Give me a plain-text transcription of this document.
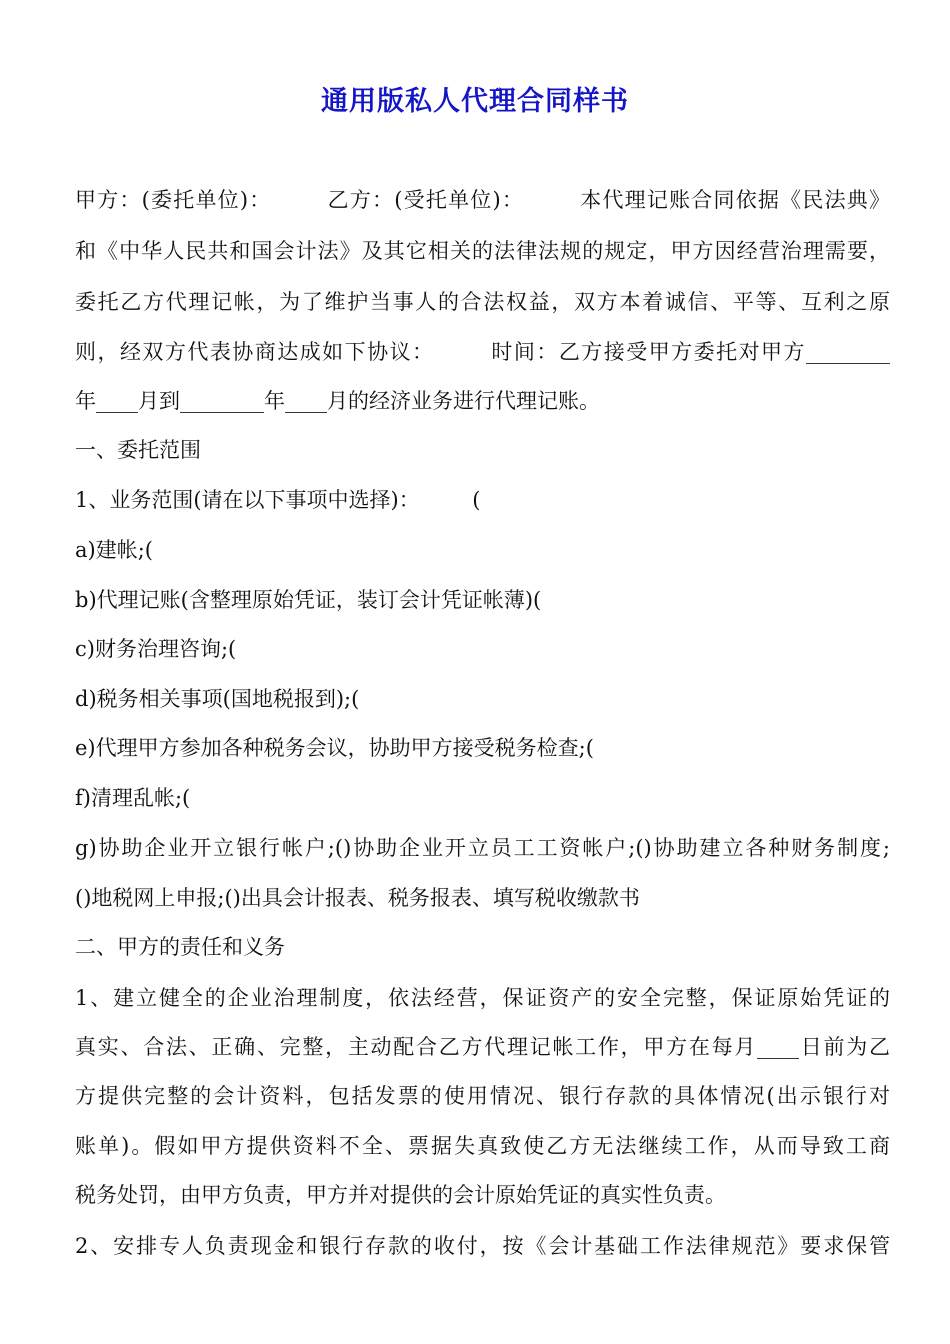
通用版私人代理合同样书
甲方：(委托单位)：　　　乙方：(受托单位)：　　　本代理记账合同依据《民法典》
和《中华人民共和国会计法》及其它相关的法律法规的规定，甲方因经营治理需要，
委托乙方代理记帐，为了维护当事人的合法权益，双方本着诚信、平等、互利之原
则，经双方代表协商达成如下协议：　　　时间：乙方接受甲方委托对甲方________
年____月到________年____月的经济业务进行代理记账。
一、委托范围
1、业务范围(请在以下事项中选择)：　　　(
a)建帐;(
b)代理记账(含整理原始凭证，装订会计凭证帐薄)(
c)财务治理咨询;(
d)税务相关事项(国地税报到);(
e)代理甲方参加各种税务会议，协助甲方接受税务检查;(
f)清理乱帐;(
g)协助企业开立银行帐户;()协助企业开立员工工资帐户;()协助建立各种财务制度;
()地税网上申报;()出具会计报表、税务报表、填写税收缴款书
二、甲方的责任和义务
1、建立健全的企业治理制度，依法经营，保证资产的安全完整，保证原始凭证的
真实、合法、正确、完整，主动配合乙方代理记帐工作，甲方在每月____日前为乙
方提供完整的会计资料，包括发票的使用情况、银行存款的具体情况(出示银行对
账单)。假如甲方提供资料不全、票据失真致使乙方无法继续工作，从而导致工商
税务处罚，由甲方负责，甲方并对提供的会计原始凭证的真实性负责。
2、安排专人负责现金和银行存款的收付，按《会计基础工作法律规范》要求保管
